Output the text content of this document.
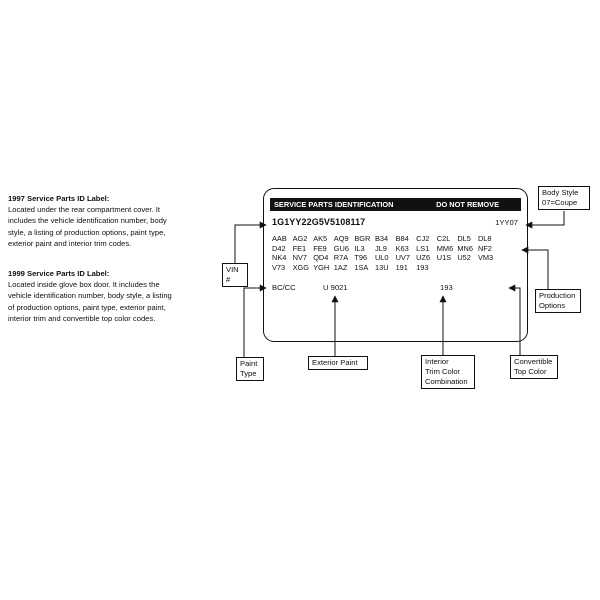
1997 Service Parts ID Label:
Located under the rear compartment cover. It
includes the vehicle identification number, body
style, a listing of production options, paint type,
exterior paint and interior trim codes.
1999 Service Parts ID Label:
Located inside glove box door. It includes the
vehicle identification number, body style, a listing
of production options, paint type, exterior paint,
interior trim and convertible top color codes.
SERVICE PARTS IDENTIFICATION	DO NOT REMOVE
1G1YY22G5V5108117	1YY07
AAB AG2 AK5 AQ9 BGR B34	B84	CJ2	C2L DL5 DL8
D42 FE1 FE9 GU6 IL3	JL9	K63	LS1	MM6 MN6 NF2
NK4 NV7 QD4 R7A T96	UL0 UV7 UZ6 U1S U52 VM3
V73	XGG YGH 1AZ 1SA 13U 191	193
BC/CC	U 9021	193
Body Style
07=Coupe
VIN #
Production
Options
Paint
Type
Exterior Paint	Interior
Trim Color
Combination
Convertible
Top Color
